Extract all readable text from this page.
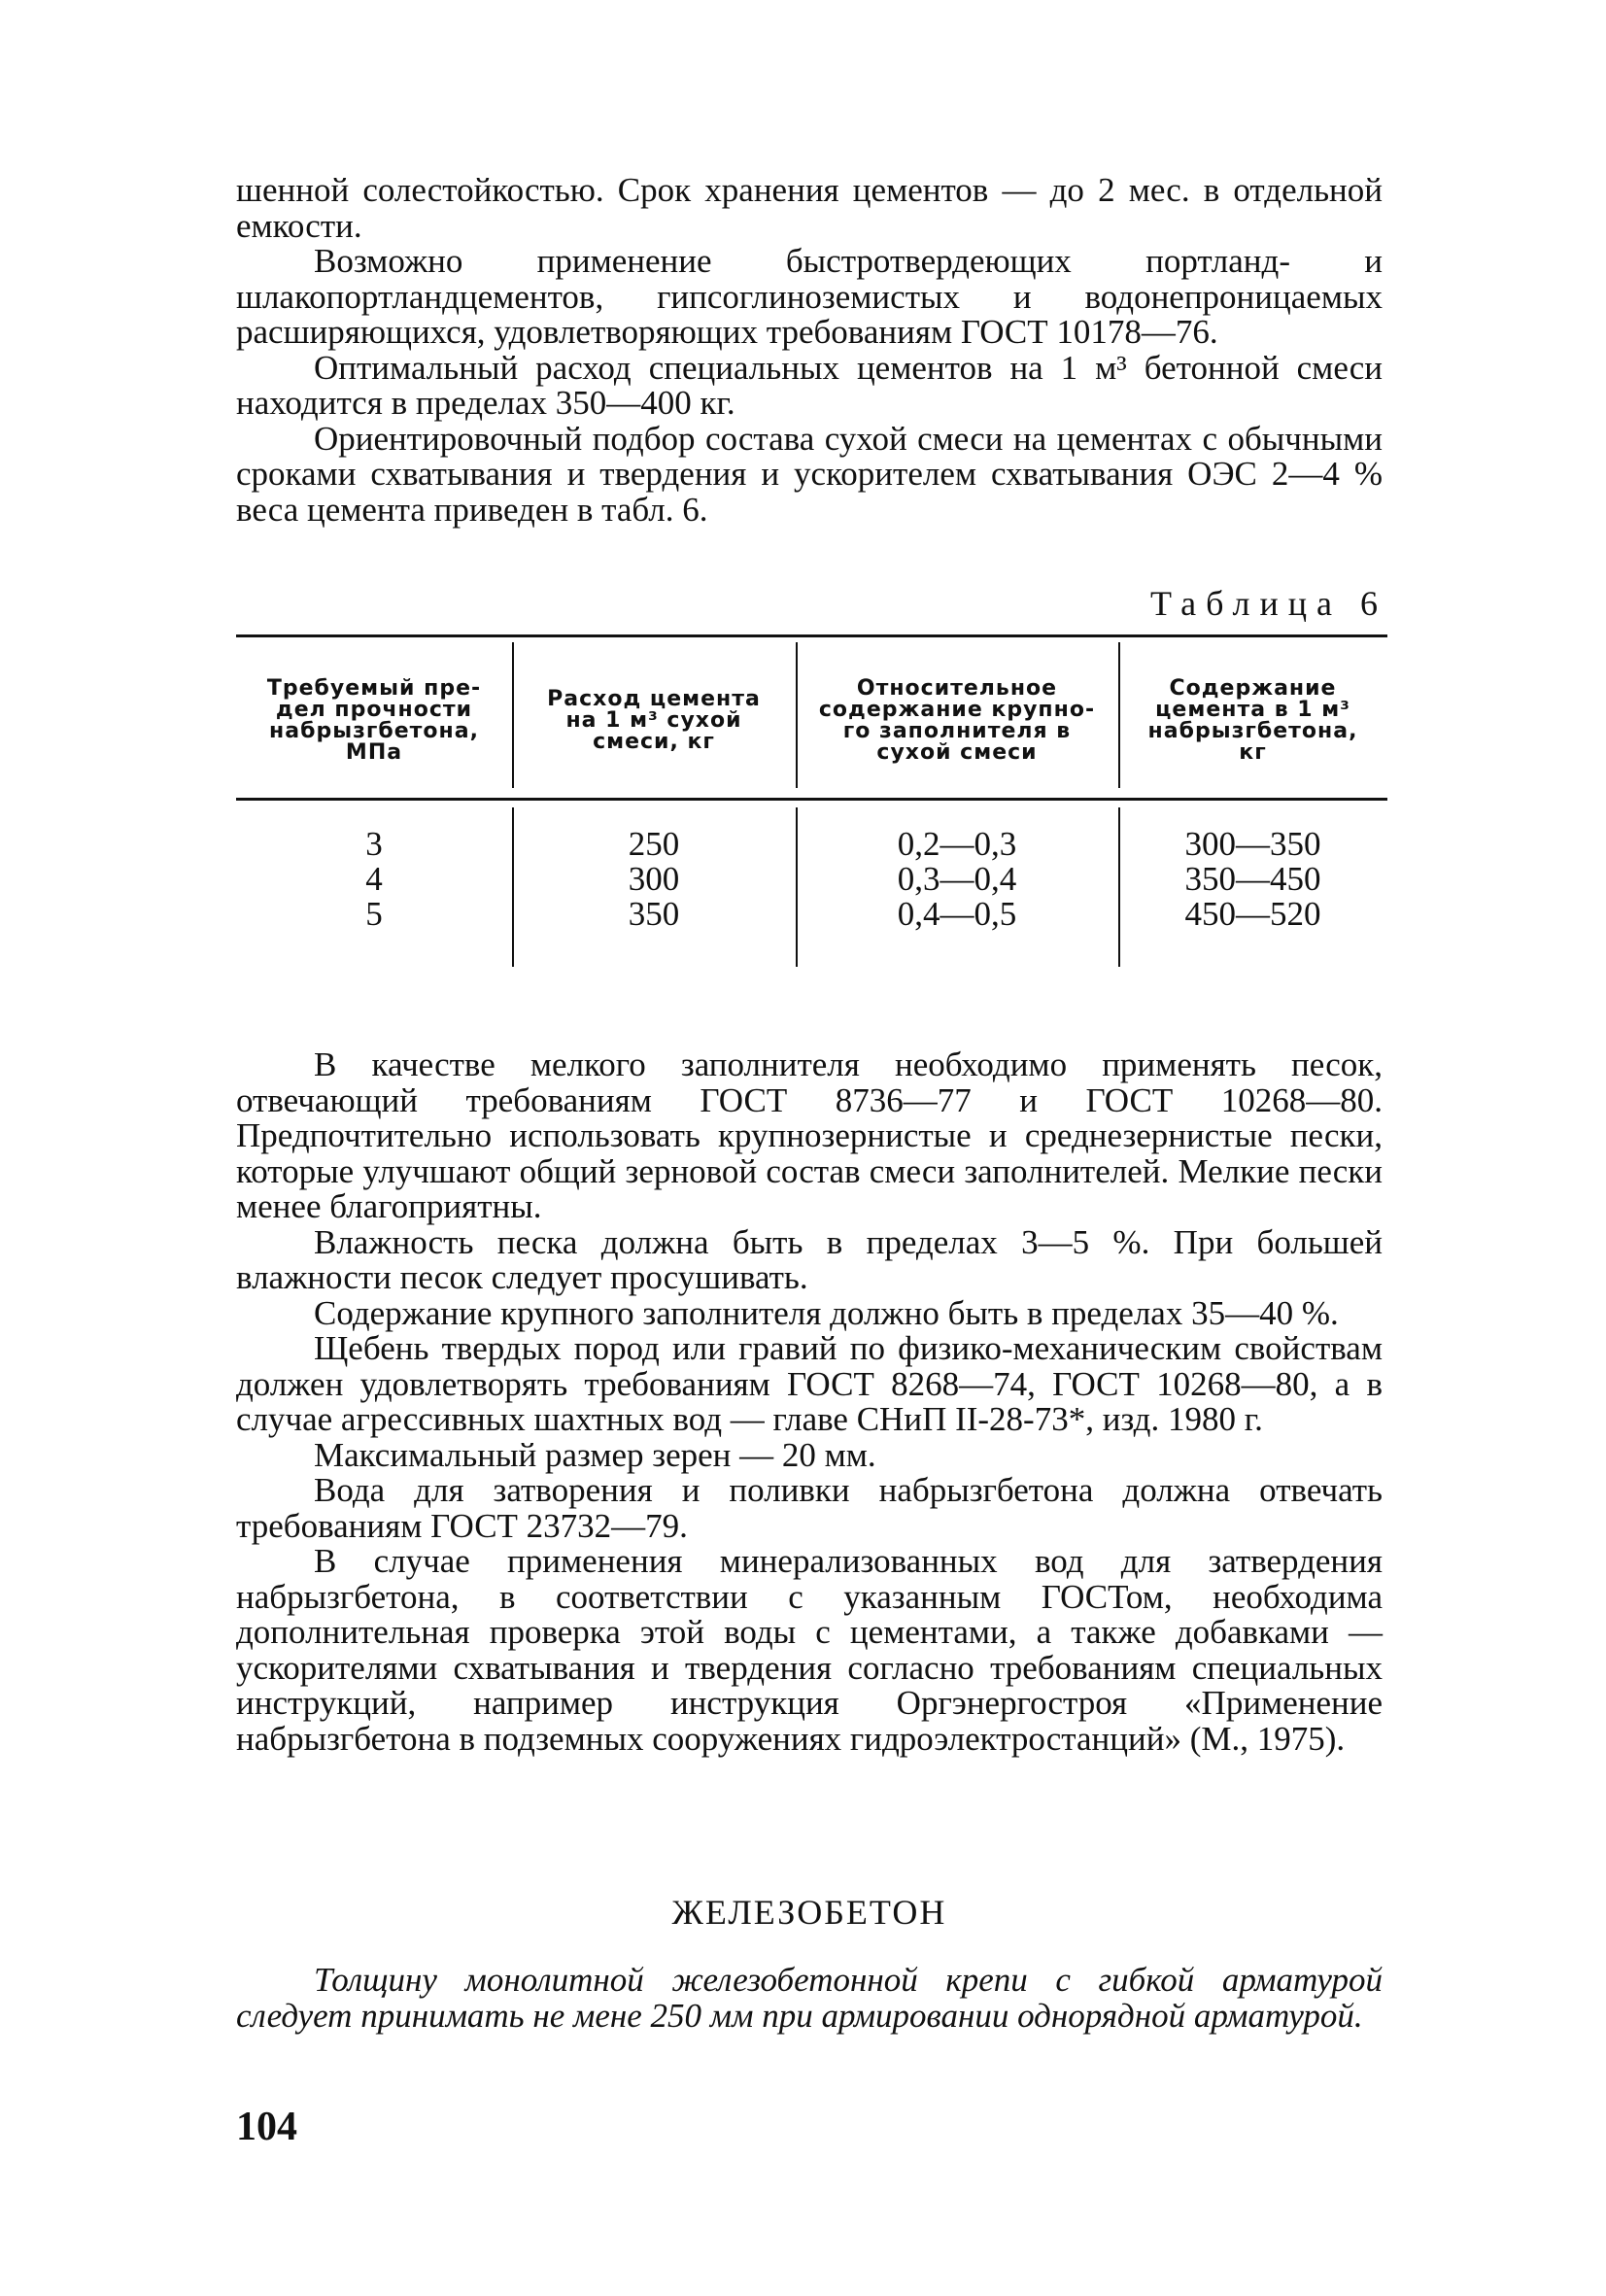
шенной солестойкостью. Срок хранения цементов — до 2 мес. в отдельной емкости.

Возможно применение быстротвердеющих портланд- и шлакопортландцементов, гипсоглиноземистых и водонепроницаемых расширяющихся, удовлетворяющих требованиям ГОСТ 10178—76.

Оптимальный расход специальных цементов на 1 м³ бетонной смеси находится в пределах 350—400 кг.

Ориентировочный подбор состава сухой смеси на цементах с обычными сроками схватывания и твердения и ускорителем схватывания ОЭС 2—4 % веса цемента приведен в табл. 6.

Таблица 6
Требуемый пре-
дел прочности
набрызгбетона,
МПа
Расход цемента
на 1 м³ сухой
смеси, кг
Относительное
содержание крупно-
го заполнителя в
сухой смеси
Содержание
цемента в 1 м³
набрызгбетона,
кг
3
4
5
250
300
350
0,2—0,3
0,3—0,4
0,4—0,5
300—350
350—450
450—520

В качестве мелкого заполнителя необходимо применять песок, отвечающий требованиям ГОСТ 8736—77 и ГОСТ 10268—80. Предпочтительно использовать крупнозернистые и среднезернистые пески, которые улучшают общий зерновой состав смеси заполнителей. Мелкие пески менее благоприятны.

Влажность песка должна быть в пределах 3—5 %. При большей влажности песок следует просушивать.

Содержание крупного заполнителя должно быть в пределах 35—40 %.

Щебень твердых пород или гравий по физико-механическим свойствам должен удовлетворять требованиям ГОСТ 8268—74, ГОСТ 10268—80, а в случае агрессивных шахтных вод — главе СНиП II-28-73*, изд. 1980 г.

Максимальный размер зерен — 20 мм.

Вода для затворения и поливки набрызгбетона должна отвечать требованиям ГОСТ 23732—79.

В случае применения минерализованных вод для затвердения набрызгбетона, в соответствии с указанным ГОСТом, необходима дополнительная проверка этой воды с цементами, а также добавками — ускорителями схватывания и твердения согласно требованиям специальных инструкций, например инструкция Оргэнергостроя «Применение набрызгбетона в подземных сооружениях гидроэлектростанций» (М., 1975).

ЖЕЛЕЗОБЕТОН

Толщину монолитной железобетонной крепи с гибкой арматурой следует принимать не мене 250 мм при армировании однорядной арматурой.

104
